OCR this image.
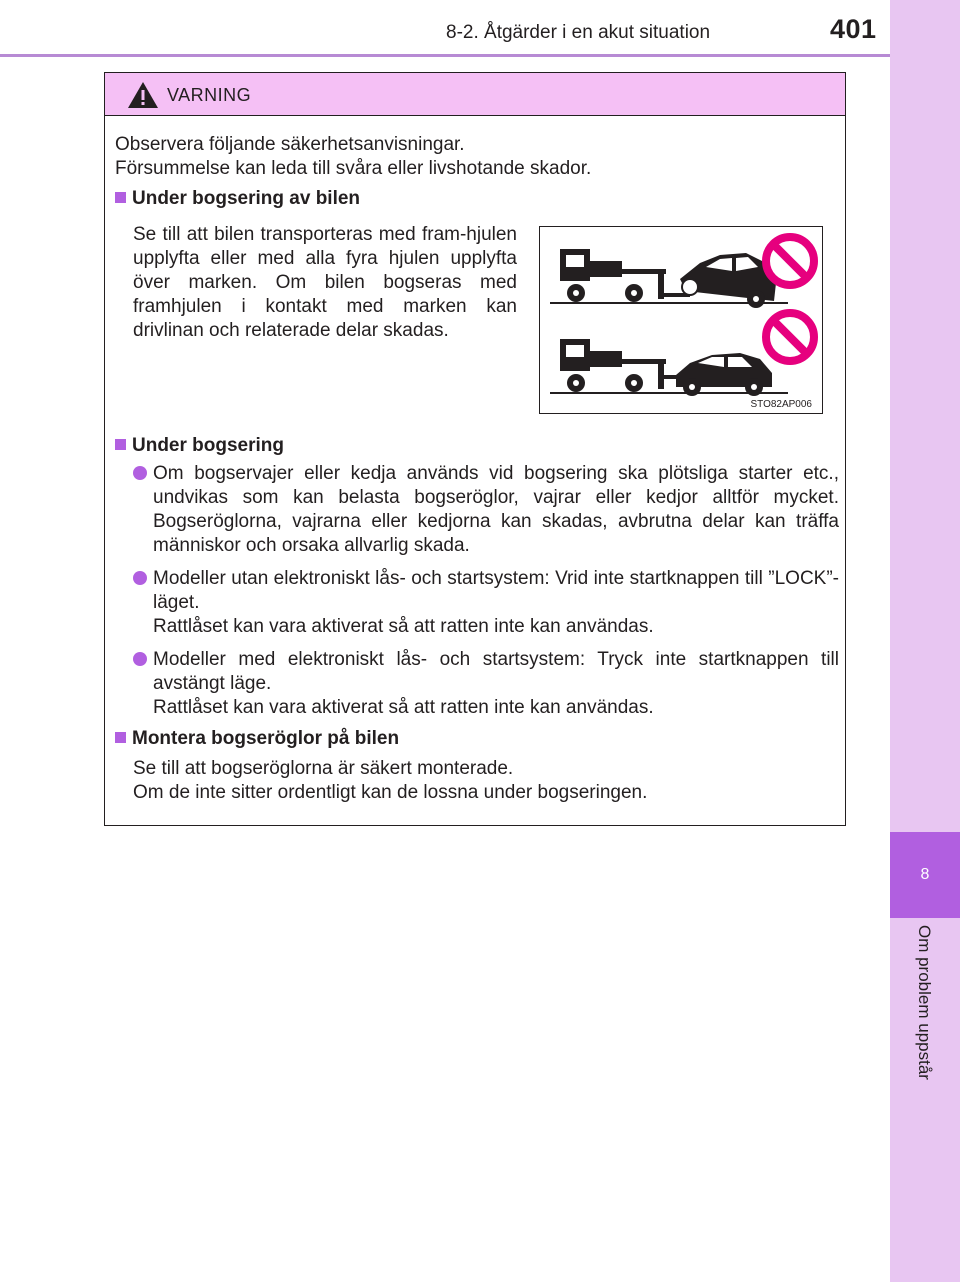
8-2. Åtgärder i en akut situation	401
8
Om problem uppstår
VARNING
Observera följande säkerhetsanvisningar.
Försummelse kan leda till svåra eller livshotande skador.
Under bogsering av bilen
Se till att bilen transporteras med fram-hjulen upplyfta eller med alla fyra hjulen upplyfta över marken. Om bilen bogseras med framhjulen i kontakt med marken kan drivlinan och relaterade delar skadas.
STO82AP006
Under bogsering
Om bogservajer eller kedja används vid bogsering ska plötsliga starter etc., undvikas som kan belasta bogseröglor, vajrar eller kedjor alltför mycket. Bogseröglorna, vajrarna eller kedjorna kan skadas, avbrutna delar kan träffa människor och orsaka allvarlig skada.
Modeller utan elektroniskt lås- och startsystem: Vrid inte startknappen till ”LOCK”-läget.
Rattlåset kan vara aktiverat så att ratten inte kan användas.
Modeller med elektroniskt lås- och startsystem: Tryck inte startknappen till avstängt läge.
Rattlåset kan vara aktiverat så att ratten inte kan användas.
Montera bogseröglor på bilen
Se till att bogseröglorna är säkert monterade.
Om de inte sitter ordentligt kan de lossna under bogseringen.
